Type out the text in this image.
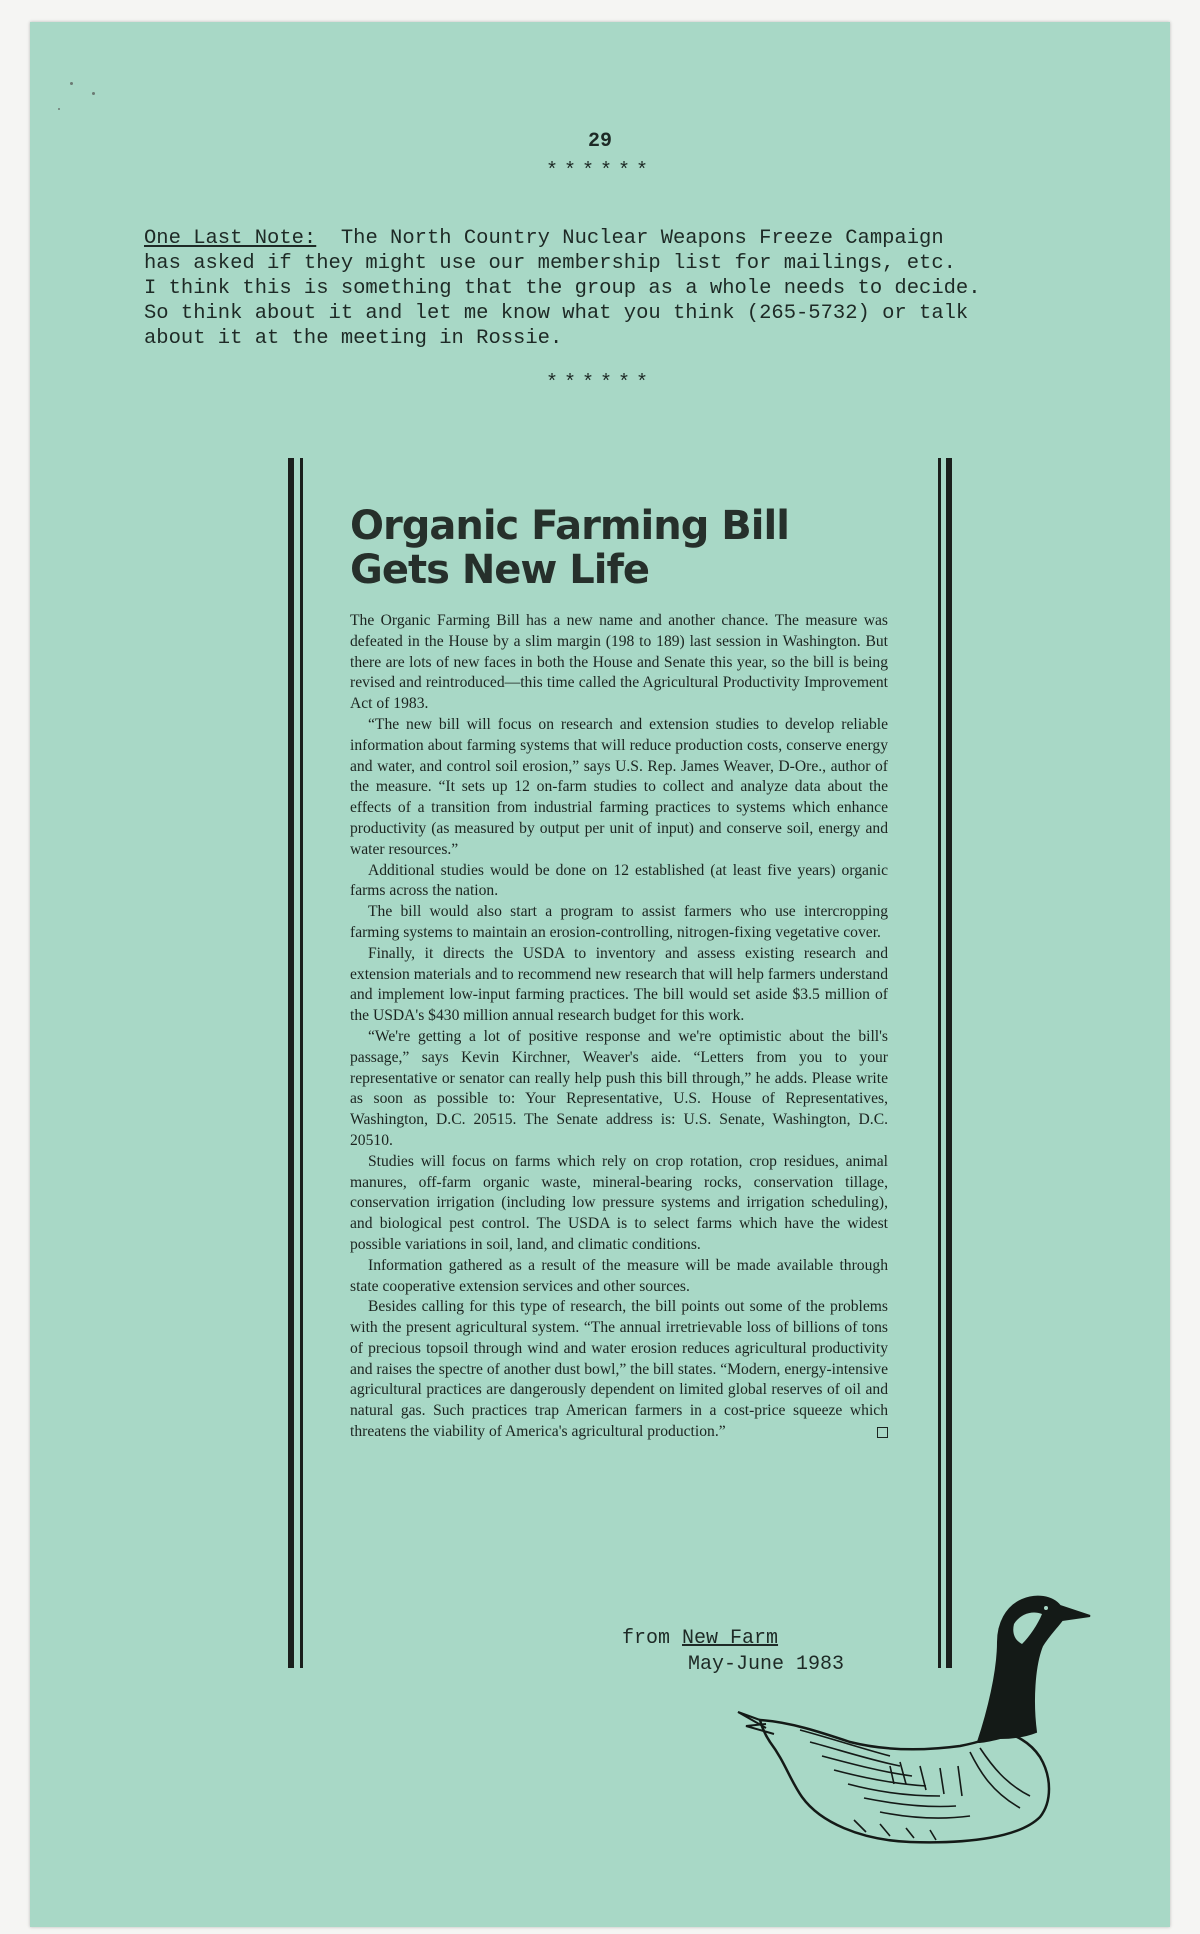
29
******
One Last Note:  The North Country Nuclear Weapons Freeze Campaign
has asked if they might use our membership list for mailings, etc.
I think this is something that the group as a whole needs to decide.
So think about it and let me know what you think (265-5732) or talk
about it at the meeting in Rossie.
******
Organic Farming Bill
Gets New Life

The Organic Farming Bill has a new name and another chance. The measure was defeated in the House by a slim margin (198 to 189) last session in Washington. But there are lots of new faces in both the House and Senate this year, so the bill is being revised and reintroduced—this time called the Agricultural Productivity Improvement Act of 1983.

“The new bill will focus on research and extension studies to develop reliable information about farming systems that will reduce production costs, conserve energy and water, and control soil erosion,” says U.S. Rep. James Weaver, D-Ore., author of the measure. “It sets up 12 on-farm studies to collect and analyze data about the effects of a transition from industrial farming practices to systems which enhance productivity (as measured by output per unit of input) and conserve soil, energy and water resources.”

Additional studies would be done on 12 established (at least five years) organic farms across the nation.

The bill would also start a program to assist farmers who use intercropping farming systems to maintain an erosion-controlling, nitrogen-fixing vegetative cover.

Finally, it directs the USDA to inventory and assess existing research and extension materials and to recommend new research that will help farmers understand and implement low-input farming practices. The bill would set aside $3.5 million of the USDA's $430 million annual research budget for this work.

“We're getting a lot of positive response and we're optimistic about the bill's passage,” says Kevin Kirchner, Weaver's aide. “Letters from you to your representative or senator can really help push this bill through,” he adds. Please write as soon as possible to: Your Representative, U.S. House of Representatives, Washington, D.C. 20515. The Senate address is: U.S. Senate, Washington, D.C. 20510.

Studies will focus on farms which rely on crop rotation, crop residues, animal manures, off-farm organic waste, mineral-bearing rocks, conservation tillage, conservation irrigation (including low pressure systems and irrigation scheduling), and biological pest control. The USDA is to select farms which have the widest possible variations in soil, land, and climatic conditions.

Information gathered as a result of the measure will be made available through state cooperative extension services and other sources.

Besides calling for this type of research, the bill points out some of the problems with the present agricultural system. “The annual irretrievable loss of billions of tons of precious topsoil through wind and water erosion reduces agricultural productivity and raises the spectre of another dust bowl,” the bill states. “Modern, energy-intensive agricultural practices are dangerously dependent on limited global reserves of oil and natural gas. Such practices trap American farmers in a cost-price squeeze which threatens the viability of America's agricultural production.”

from New Farm
May-June 1983
